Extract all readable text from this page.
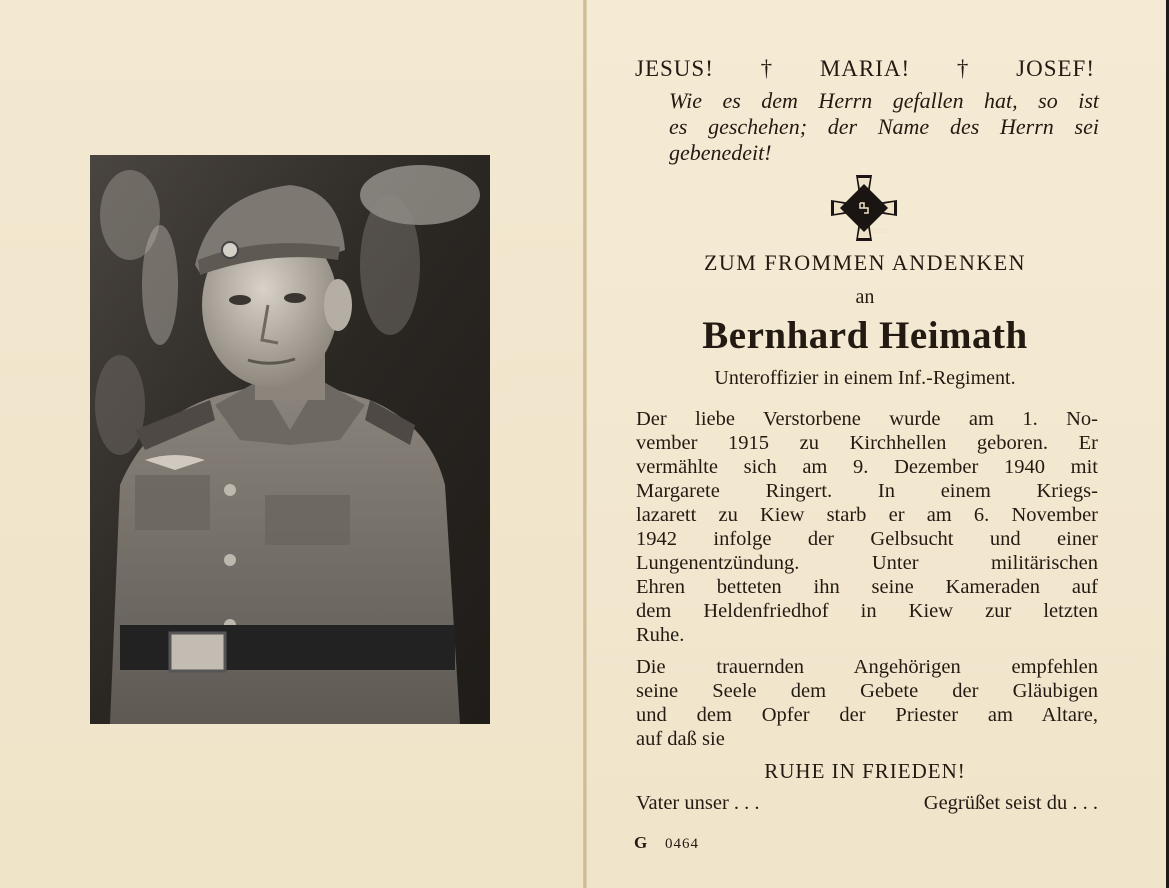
JESUS! † MARIA! † JOSEF!
Wie es dem Herrn gefallen hat, so ist
es geschehen; der Name des Herrn sei
gebenedeit!
1939
ZUM FROMMEN ANDENKEN
an
Bernhard Heimath
Unteroffizier in einem Inf.-Regiment.
Der liebe Verstorbene wurde am 1. No-
vember 1915 zu Kirchhellen geboren. Er
vermählte sich am 9. Dezember 1940 mit
Margarete Ringert. In einem Kriegs-
lazarett zu Kiew starb er am 6. November
1942 infolge der Gelbsucht und einer
Lungenentzündung. Unter militärischen
Ehren betteten ihn seine Kameraden auf
dem Heldenfriedhof in Kiew zur letzten
Ruhe.
Die trauernden Angehörigen empfehlen
seine Seele dem Gebete der Gläubigen
und dem Opfer der Priester am Altare,
auf daß sie
RUHE IN FRIEDEN!
Vater unser . . .	Gegrüßet seist du . . .
G 0464
